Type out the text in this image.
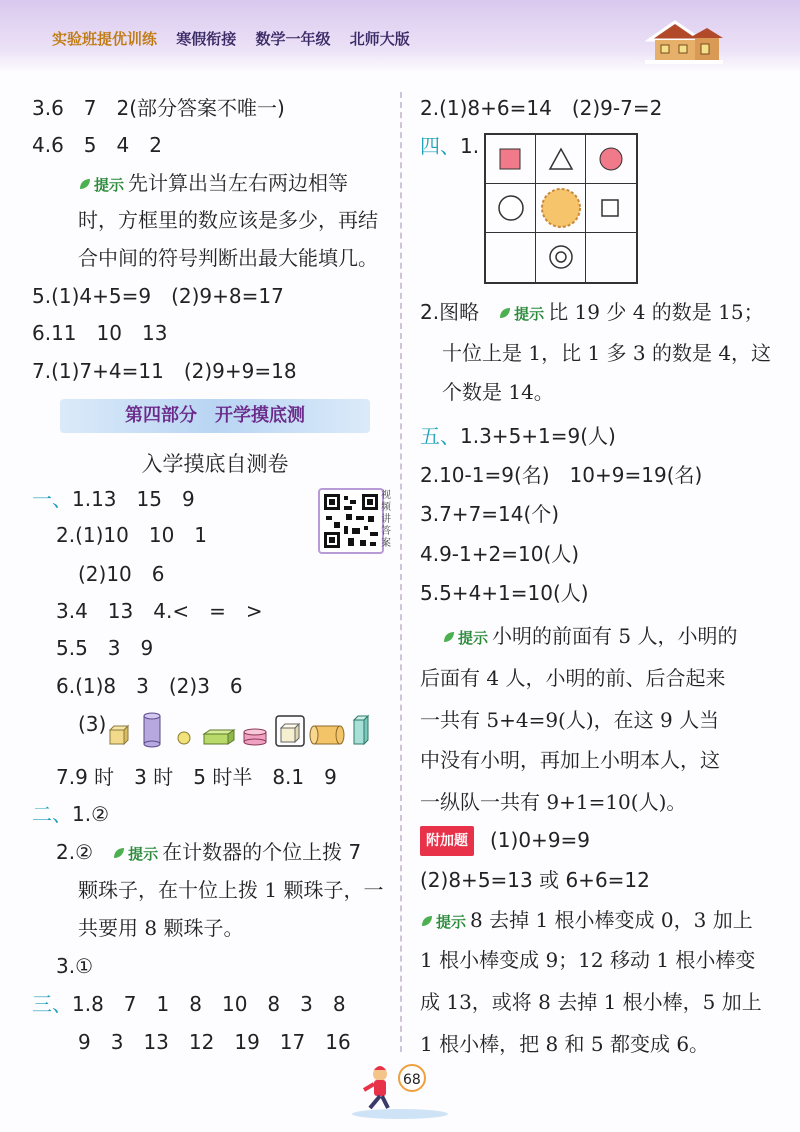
实验班提优训练 寒假衔接 数学一年级 北师大版
3.6　7　2(部分答案不唯一)
4.6　5　4　2
提示 先计算出当左右两边相等
时，方框里的数应该是多少，再结
合中间的符号判断出最大能填几。
5.(1)4+5=9　(2)9+8=17
6.11　10　13
7.(1)7+4=11　(2)9+9=18
第四部分　开学摸底测
入学摸底自测卷
视频讲答案
一、1.13　15　9
2.(1)10　10　1
(2)10　6
3.4　13　4.<　=　>
5.5　3　9
6.(1)8　3　(2)3　6
(3)
7.9 时　3 时　5 时半　8.1　9
二、1.②
2.② 提示 在计数器的个位上拨 7
颗珠子，在十位上拨 1 颗珠子，一
共要用 8 颗珠子。
3.①
三、1.8　7　1　8　10　8　3　8
9　3　13　12　19　17　16
2.(1)8+6=14　(2)9-7=2
四、1.
2.图略 提示 比 19 少 4 的数是 15；
十位上是 1，比 1 多 3 的数是 4，这
个数是 14。
五、1.3+5+1=9(人)
2.10-1=9(名)　10+9=19(名)
3.7+7=14(个)
4.9-1+2=10(人)
5.5+4+1=10(人)
提示 小明的前面有 5 人，小明的
后面有 4 人，小明的前、后合起来
一共有 5+4=9(人)，在这 9 人当
中没有小明，再加上小明本人，这
一纵队一共有 9+1=10(人)。
附加题 (1)0+9=9
(2)8+5=13 或 6+6=12
提示 8 去掉 1 根小棒变成 0，3 加上
1 根小棒变成 9；12 移动 1 根小棒变
成 13，或将 8 去掉 1 根小棒，5 加上
1 根小棒，把 8 和 5 都变成 6。
68
